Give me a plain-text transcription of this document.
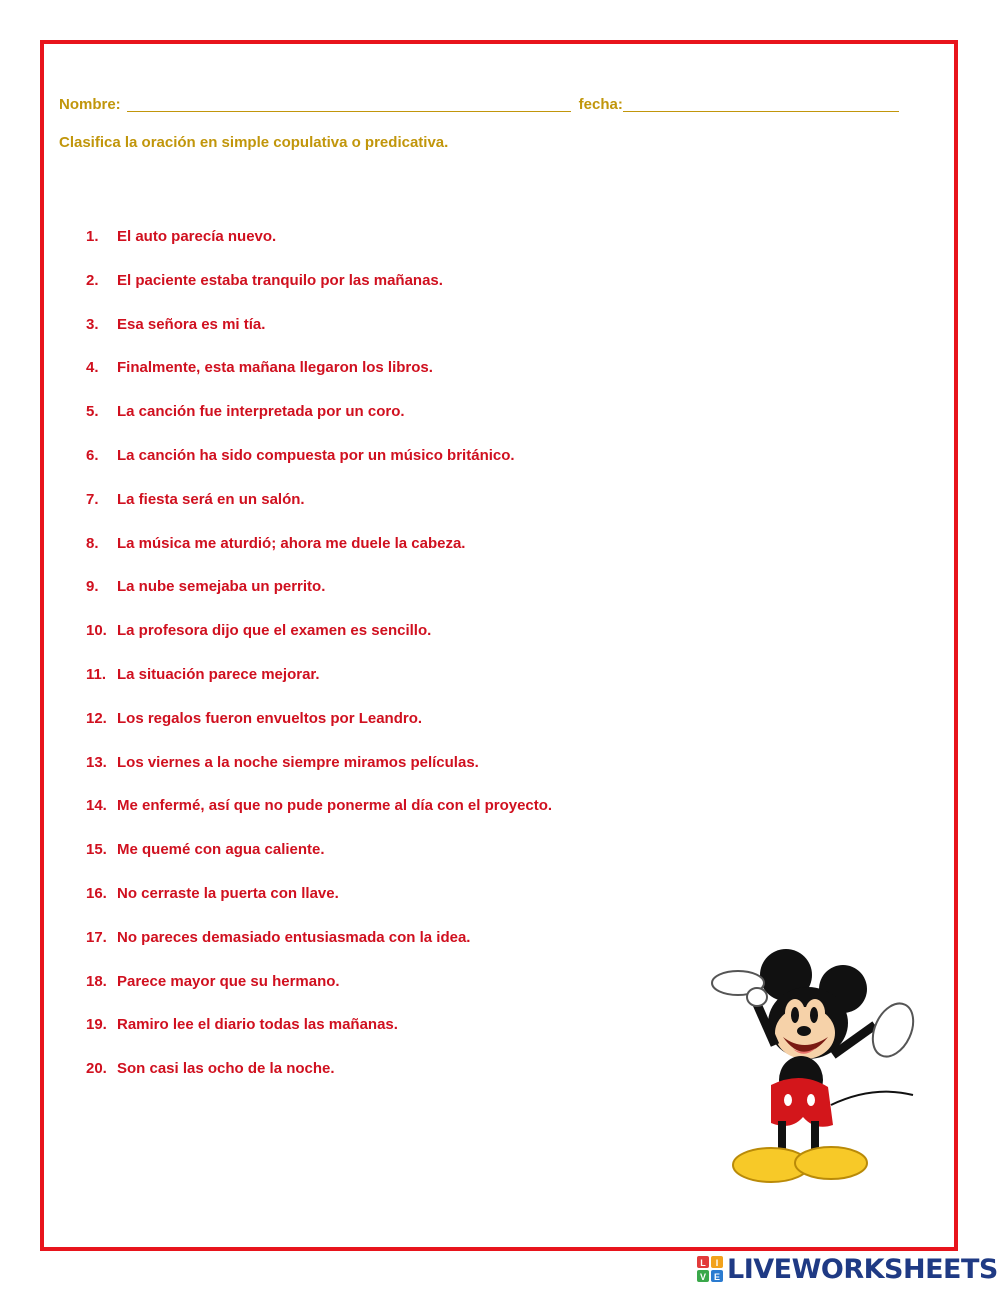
Nombre:	fecha:
Clasifica la oración en simple copulativa o predicativa.
1.	El auto parecía nuevo.
2.	El paciente estaba tranquilo por las mañanas.
3.	Esa señora es mi tía.
4.	Finalmente, esta mañana llegaron los libros.
5.	La canción fue interpretada por un coro.
6.	La canción ha sido compuesta por un músico británico.
7.	La fiesta será en un salón.
8.	La música me aturdió; ahora me duele la cabeza.
9.	La nube semejaba un perrito.
10. La profesora dijo que el examen es sencillo.
11. La situación parece mejorar.
12. Los regalos fueron envueltos por Leandro.
13. Los viernes a la noche siempre miramos películas.
14. Me enfermé, así que no pude ponerme al día con el proyecto.
15. Me quemé con agua caliente.
16. No cerraste la puerta con llave.
17. No pareces demasiado entusiasmada con la idea.
18. Parece mayor que su hermano.
19. Ramiro lee el diario todas las mañanas.
20. Son casi las ocho de la noche.
L I
V E LIVEWORKSHEETS
